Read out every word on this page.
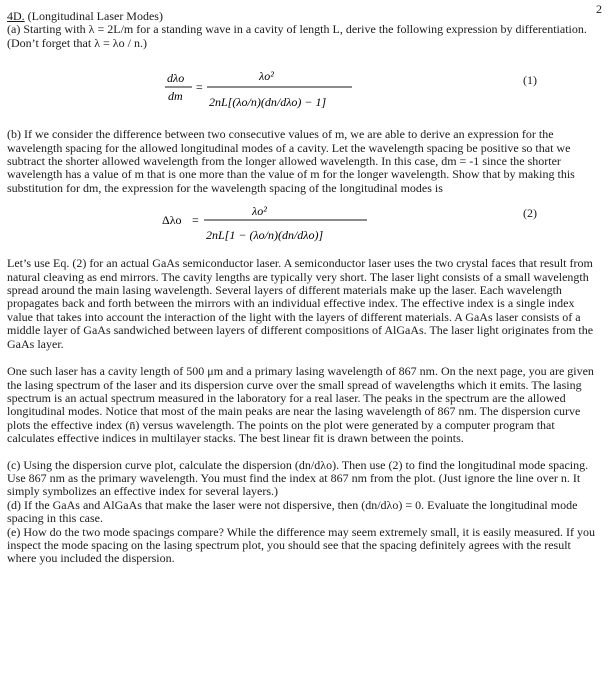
2

4D. (Longitudinal Laser Modes)

(a) Starting with λ = 2L/m for a standing wave in a cavity of length L, derive the following expression by differentiation. (Don’t forget that λ = λo / n.)

dλo
dm
=
λo²
2nL[(λo/n)(dn/dλo) − 1]
(1)

(b) If we consider the difference between two consecutive values of m, we are able to derive an expression for the wavelength spacing for the allowed longitudinal modes of a cavity. Let the wavelength spacing be positive so that we subtract the shorter allowed wavelength from the longer allowed wavelength. In this case, dm = -1 since the shorter wavelength has a value of m that is one more than the value of m for the longer wavelength. Show that by making this substitution for dm, the expression for the wavelength spacing of the longitudinal modes is

Δλo =
λo²
2nL[1 − (λo/n)(dn/dλo)]
(2)

Let’s use Eq. (2) for an actual GaAs semiconductor laser. A semiconductor laser uses the two crystal faces that result from natural cleaving as end mirrors. The cavity lengths are typically very short. The laser light consists of a small wavelength spread around the main lasing wavelength. Several layers of different materials make up the laser. Each wavelength propagates back and forth between the mirrors with an individual effective index. The effective index is a single index value that takes into account the interaction of the light with the layers of different materials. A GaAs laser consists of a middle layer of GaAs sandwiched between layers of different compositions of AlGaAs. The laser light originates from the GaAs layer.

One such laser has a cavity length of 500 μm and a primary lasing wavelength of 867 nm. On the next page, you are given the lasing spectrum of the laser and its dispersion curve over the small spread of wavelengths which it emits. The lasing spectrum is an actual spectrum measured in the laboratory for a real laser. The peaks in the spectrum are the allowed longitudinal modes. Notice that most of the main peaks are near the lasing wavelength of 867 nm. The dispersion curve plots the effective index (n̄) versus wavelength. The points on the plot were generated by a computer program that calculates effective indices in multilayer stacks. The best linear fit is drawn between the points.

(c) Using the dispersion curve plot, calculate the dispersion (dn/dλo). Then use (2) to find the longitudinal mode spacing. Use 867 nm as the primary wavelength. You must find the index at 867 nm from the plot. (Just ignore the line over n. It simply symbolizes an effective index for several layers.)

(d) If the GaAs and AlGaAs that make the laser were not dispersive, then (dn/dλo) = 0. Evaluate the longitudinal mode spacing in this case.

(e) How do the two mode spacings compare? While the difference may seem extremely small, it is easily measured. If you inspect the mode spacing on the lasing spectrum plot, you should see that the spacing definitely agrees with the result where you included the dispersion.
